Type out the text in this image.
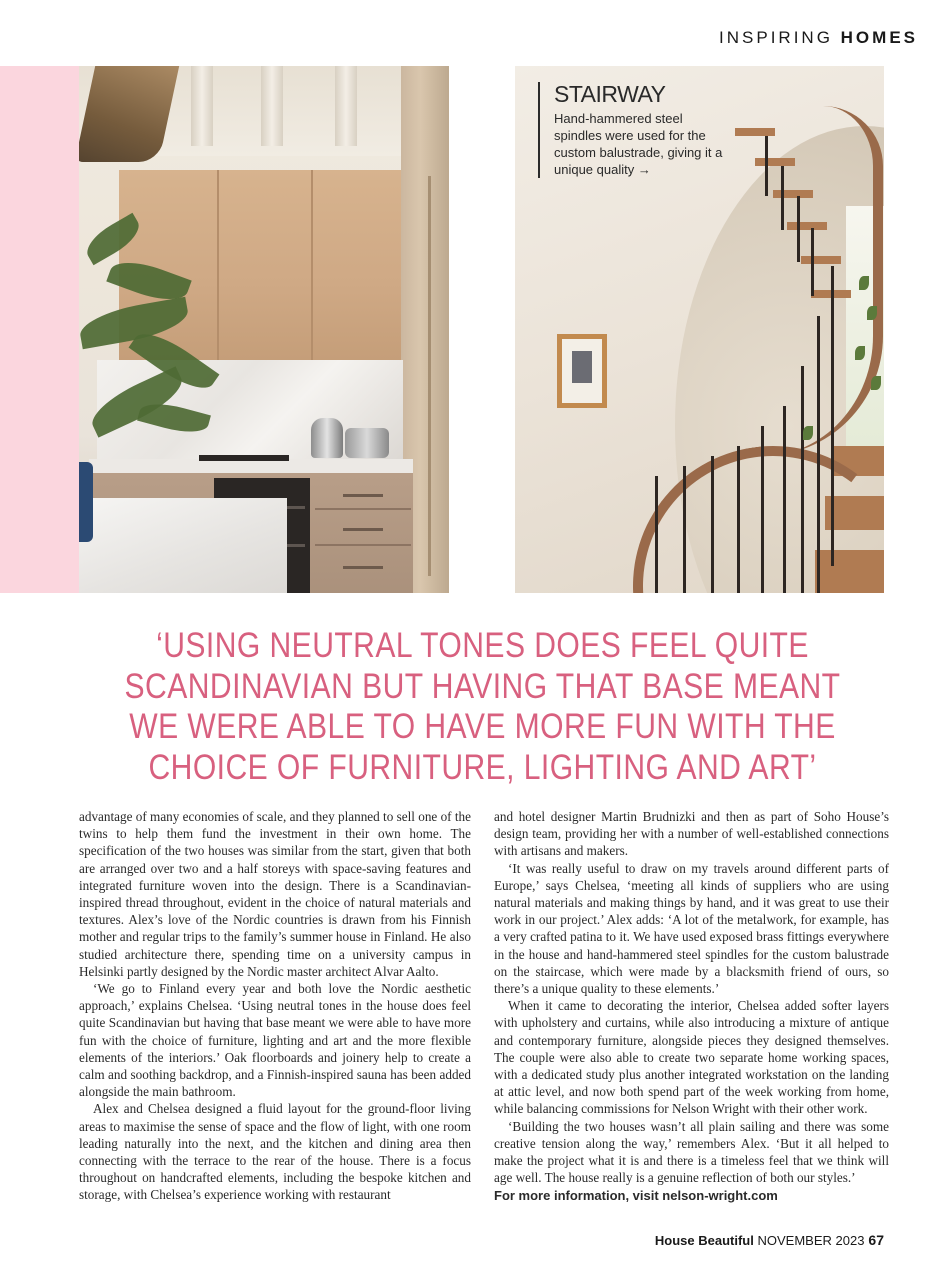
INSPIRING HOMES
STAIRWAY
Hand-hammered steel spindles were used for the custom balustrade, giving it a unique quality →
‘USING NEUTRAL TONES DOES FEEL QUITE SCANDINAVIAN BUT HAVING THAT BASE MEANT WE WERE ABLE TO HAVE MORE FUN WITH THE CHOICE OF FURNITURE, LIGHTING AND ART’

advantage of many economies of scale, and they planned to sell one of the twins to help them fund the investment in their own home. The specification of the two houses was similar from the start, given that both are arranged over two and a half storeys with space-saving features and integrated furniture woven into the design. There is a Scandinavian-inspired thread throughout, evident in the choice of natural materials and textures. Alex’s love of the Nordic countries is drawn from his Finnish mother and regular trips to the family’s summer house in Finland. He also studied architecture there, spending time on a university campus in Helsinki partly designed by the Nordic master architect Alvar Aalto.

‘We go to Finland every year and both love the Nordic aesthetic approach,’ explains Chelsea. ‘Using neutral tones in the house does feel quite Scandinavian but having that base meant we were able to have more fun with the choice of furniture, lighting and art and the more flexible elements of the interiors.’ Oak floorboards and joinery help to create a calm and soothing backdrop, and a Finnish-inspired sauna has been added alongside the main bathroom.

Alex and Chelsea designed a fluid layout for the ground-floor living areas to maximise the sense of space and the flow of light, with one room leading naturally into the next, and the kitchen and dining area then connecting with the terrace to the rear of the house. There is a focus throughout on handcrafted elements, including the bespoke kitchen and storage, with Chelsea’s experience working with restaurant

and hotel designer Martin Brudnizki and then as part of Soho House’s design team, providing her with a number of well-established connections with artisans and makers.

‘It was really useful to draw on my travels around different parts of Europe,’ says Chelsea, ‘meeting all kinds of suppliers who are using natural materials and making things by hand, and it was great to use their work in our project.’ Alex adds: ‘A lot of the metalwork, for example, has a very crafted patina to it. We have used exposed brass fittings everywhere in the house and hand-hammered steel spindles for the custom balustrade on the staircase, which were made by a blacksmith friend of ours, so there’s a unique quality to these elements.’

When it came to decorating the interior, Chelsea added softer layers with upholstery and curtains, while also introducing a mixture of antique and contemporary furniture, alongside pieces they designed themselves. The couple were also able to create two separate home working spaces, with a dedicated study plus another integrated workstation on the landing at attic level, and now both spend part of the week working from home, while balancing commissions for Nelson Wright with their other work.

‘Building the two houses wasn’t all plain sailing and there was some creative tension along the way,’ remembers Alex. ‘But it all helped to make the project what it is and there is a timeless feel that we think will age well. The house really is a genuine reflection of both our styles.’

For more information, visit nelson-wright.com

House Beautiful NOVEMBER 2023 67
